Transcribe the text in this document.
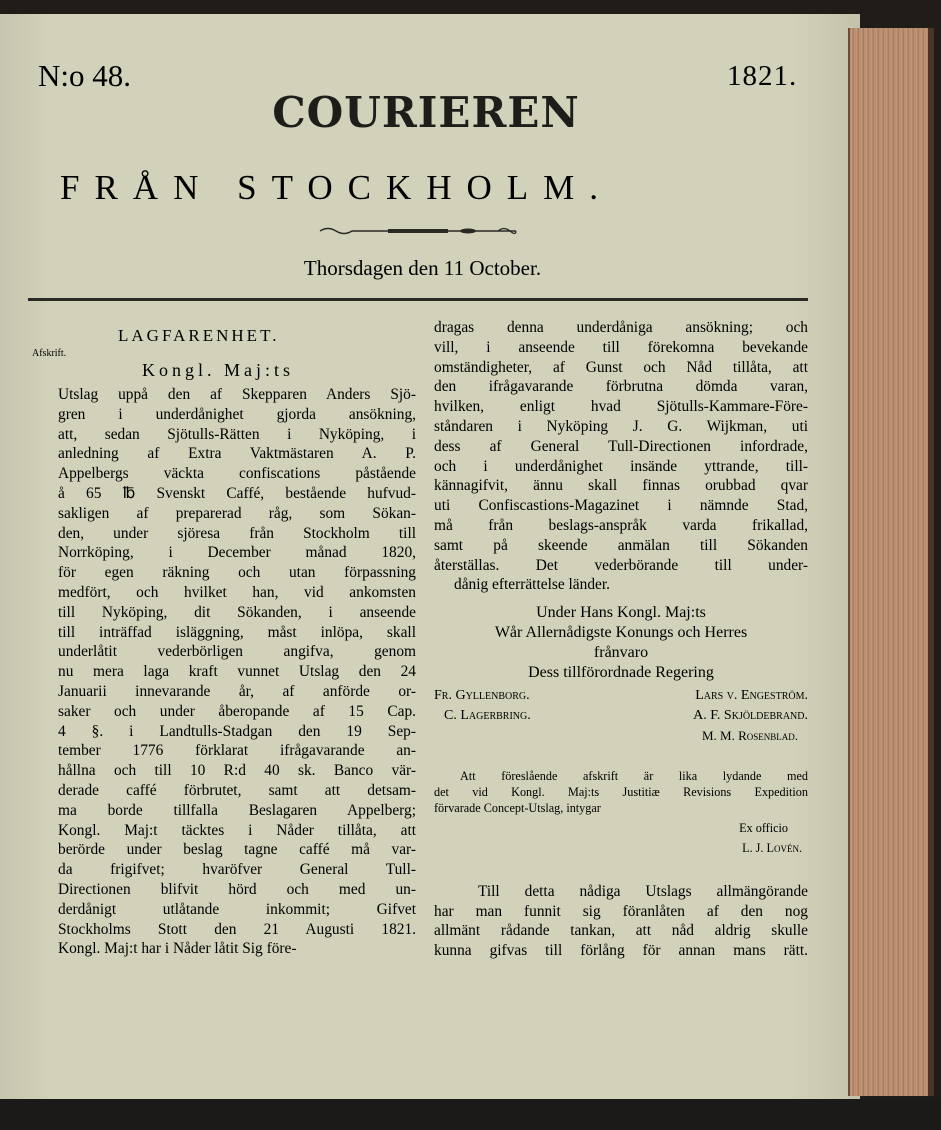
N:o 48.	1821.
COURIEREN
FRÅN STOCKHOLM.
Thorsdagen den 11 October.
LAGFARENHET.
Afskrift.
Kongl. Maj:ts
Utslag uppå den af Skepparen Anders Sjö-
gren i underdånighet gjorda ansökning,
att, sedan Sjötulls-Rätten i Nyköping, i
anledning af Extra Vaktmästaren A. P.
Appelbergs väckta confiscations påstående
å 65 ℔ Svenskt Caffé, bestående hufvud-
sakligen af preparerad råg, som Sökan-
den, under sjöresa från Stockholm till
Norrköping, i December månad 1820,
för egen räkning och utan förpassning
medfört, och hvilket han, vid ankomsten
till Nyköping, dit Sökanden, i anseende
till inträffad isläggning, måst inlöpa, skall
underlåtit vederbörligen angifva, genom
nu mera laga kraft vunnet Utslag den 24
Januarii innevarande år, af anförde or-
saker och under åberopande af 15 Cap.
4 §. i Landtulls-Stadgan den 19 Sep-
tember 1776 förklarat ifrågavarande an-
hållna och till 10 R:d 40 sk. Banco vär-
derade caffé förbrutet, samt att detsam-
ma borde tillfalla Beslagaren Appelberg;
Kongl. Maj:t täcktes i Nåder tillåta, att
berörde under beslag tagne caffé må var-
da frigifvet; hvaröfver General Tull-
Directionen blifvit hörd och med un-
derdånigt utlåtande inkommit; Gifvet
Stockholms Stott den 21 Augusti 1821.
Kongl. Maj:t har i Nåder låtit Sig före-
dragas denna underdåniga ansökning; och
vill, i anseende till förekomna bevekande
omständigheter, af Gunst och Nåd tillåta, att
den ifrågavarande förbrutna dömda varan,
hvilken, enligt hvad Sjötulls-Kammare-Före-
ståndaren i Nyköping J. G. Wijkman, uti
dess af General Tull-Directionen infordrade,
och i underdånighet insände yttrande, till-
kännagifvit, ännu skall finnas orubbad qvar
uti Confiscastions-Magazinet i nämnde Stad,
må från beslags-anspråk varda frikallad,
samt på skeende anmälan till Sökanden
återställas. Det vederbörande till under-
dånig efterrättelse länder.
Under Hans Kongl. Maj:ts
Wår Allernådigste Konungs och Herres
frånvaro
Dess tillförordnade Regering
Fr. Gyllenborg.	Lars v. Engeström.
C. Lagerbring.	A. F. Skjöldebrand.
M. M. Rosenblad.
Att föreslående afskrift är lika lydande med
det vid Kongl. Maj:ts Justitiæ Revisions Expedition
förvarade Concept-Utslag, intygar
Ex officio
L. J. Lovén.
Till detta nådiga Utslags allmängörande
har man funnit sig föranlåten af den nog
allmänt rådande tankan, att nåd aldrig skulle
kunna gifvas till förlång för annan mans rätt.
